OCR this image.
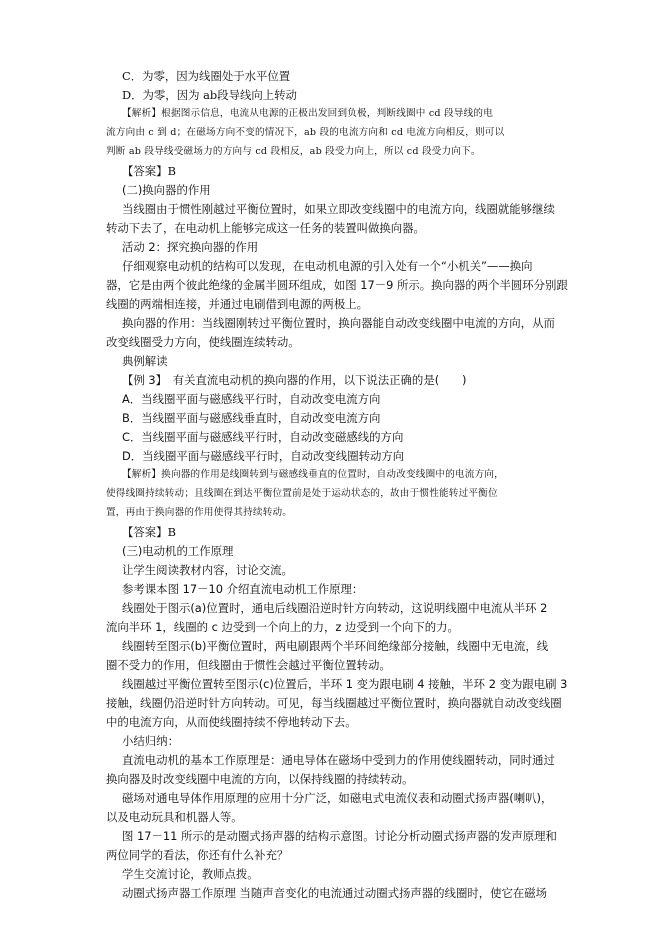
C．为零，因为线圈处于水平位置
D．为零，因为 ab段导线向上转动
【解析】根据图示信息，电流从电源的正极出发回到负极，判断线圈中 cd 段导线的电
流方向由 c 到 d；在磁场方向不变的情况下，ab 段的电流方向和 cd 电流方向相反，则可以
判断 ab 段导线受磁场力的方向与 cd 段相反，ab 段受力向上，所以 cd 段受力向下。
【答案】B
(二)换向器的作用
当线圈由于惯性刚越过平衡位置时，如果立即改变线圈中的电流方向，线圈就能够继续
转动下去了，在电动机上能够完成这一任务的装置叫做换向器。
活动 2：探究换向器的作用
仔细观察电动机的结构可以发现，在电动机电源的引入处有一个“小机关”——换向
器，它是由两个彼此绝缘的金属半圆环组成，如图 17－9 所示。换向器的两个半圆环分别跟
线圈的两端相连接，并通过电刷借到电源的两极上。
换向器的作用：当线圈刚转过平衡位置时，换向器能自动改变线圈中电流的方向，从而
改变线圈受力方向，使线圈连续转动。
典例解读
【例 3】　有关直流电动机的换向器的作用，以下说法正确的是(　　)
A．当线圈平面与磁感线平行时，自动改变电流方向
B．当线圈平面与磁感线垂直时，自动改变电流方向
C．当线圈平面与磁感线平行时，自动改变磁感线的方向
D．当线圈平面与磁感线平行时，自动改变线圈转动方向
【解析】换向器的作用是线圈转到与磁感线垂直的位置时，自动改变线圈中的电流方向，
使得线圈持续转动；且线圈在到达平衡位置前是处于运动状态的，故由于惯性能转过平衡位
置，再由于换向器的作用使得其持续转动。
【答案】B
(三)电动机的工作原理
让学生阅读教材内容，讨论交流。
参考课本图 17－10 介绍直流电动机工作原理：
线圈处于图示(a)位置时，通电后线圈沿逆时针方向转动，这说明线圈中电流从半环 2
流向半环 1，线圈的 c 边受到一个向上的力，z 边受到一个向下的力。
线圈转至图示(b)平衡位置时，两电刷跟两个半环间绝缘部分接触，线圈中无电流，线
圈不受力的作用，但线圈由于惯性会越过平衡位置转动。
线圈越过平衡位置转至图示(c)位置后，半环 1 变为跟电刷 4 接触，半环 2 变为跟电刷 3
接触，线圈仍沿逆时针方向转动。可见，每当线圈越过平衡位置时，换向器就自动改变线圈
中的电流方向，从而使线圈持续不停地转动下去。
小结归纳：
直流电动机的基本工作原理是：通电导体在磁场中受到力的作用使线圈转动，同时通过
换向器及时改变线圈中电流的方向，以保持线圈的持续转动。
磁场对通电导体作用原理的应用十分广泛，如磁电式电流仪表和动圈式扬声器(喇叭)，
以及电动玩具和机器人等。
图 17－11 所示的是动圈式扬声器的结构示意图。讨论分析动圈式扬声器的发声原理和
两位同学的看法，你还有什么补充？
学生交流讨论，教师点拨。
动圈式扬声器工作原理 当随声音变化的电流通过动圈式扬声器的线圈时，使它在磁场
